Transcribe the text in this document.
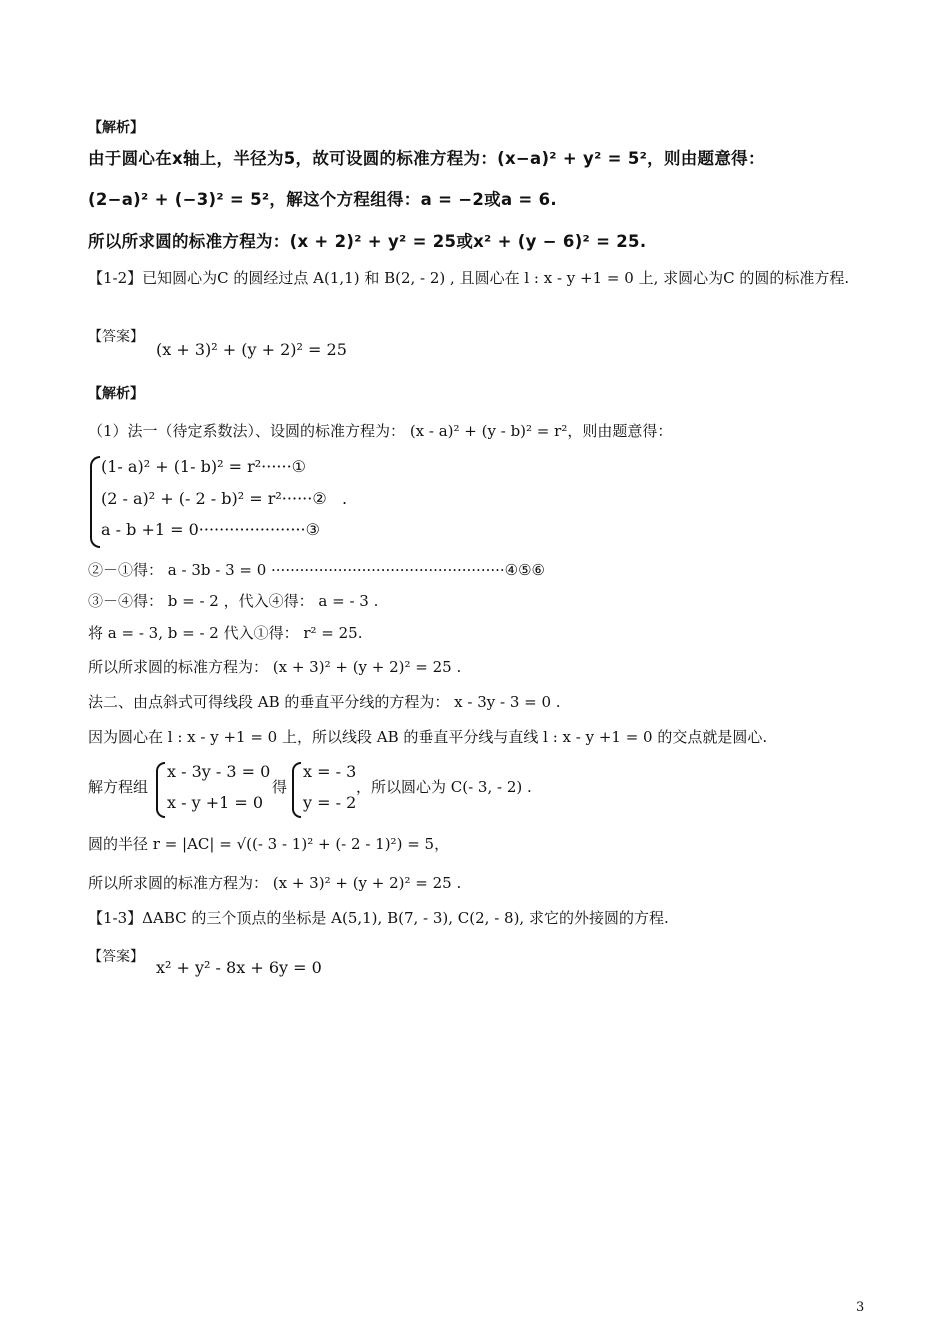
【解析】
由于圆心在x轴上，半径为5，故可设圆的标准方程为：(x−a)² + y² = 5²，则由题意得：
(2−a)² + (−3)² = 5²，解这个方程组得：a = −2或a = 6.
所以所求圆的标准方程为：(x + 2)² + y² = 25或x² + (y − 6)² = 25.
【1-2】已知圆心为C 的圆经过点 A(1,1) 和 B(2, - 2) , 且圆心在 l : x - y +1 = 0 上, 求圆心为C 的圆的标准方程.
【答案】
(x + 3)² + (y + 2)² = 25
【解析】
（1）法一（待定系数法）、设圆的标准方程为： (x - a)² + (y - b)² = r²，则由题意得：
(1- a)² + (1- b)² = r²······①
(2 - a)² + (- 2 - b)² = r²······②
a - b +1 = 0·····················③
.
②－①得： a - 3b - 3 = 0 ·················································④⑤⑥
③－④得： b = - 2 ，代入④得： a = - 3 .
将 a = - 3, b = - 2 代入①得： r² = 25.
所以所求圆的标准方程为： (x + 3)² + (y + 2)² = 25 .
法二、由点斜式可得线段 AB 的垂直平分线的方程为： x - 3y - 3 = 0 .
因为圆心在 l : x - y +1 = 0 上，所以线段 AB 的垂直平分线与直线 l : x - y +1 = 0 的交点就是圆心.
解方程组
x - 3y - 3 = 0
x - y +1 = 0
得
x = - 3
y = - 2
，所以圆心为 C(- 3, - 2) .
圆的半径 r = |AC| = √((- 3 - 1)² + (- 2 - 1)²) = 5，
所以所求圆的标准方程为： (x + 3)² + (y + 2)² = 25 .
【1-3】ΔABC 的三个顶点的坐标是 A(5,1), B(7, - 3), C(2, - 8), 求它的外接圆的方程.
【答案】
x² + y² - 8x + 6y = 0
3
